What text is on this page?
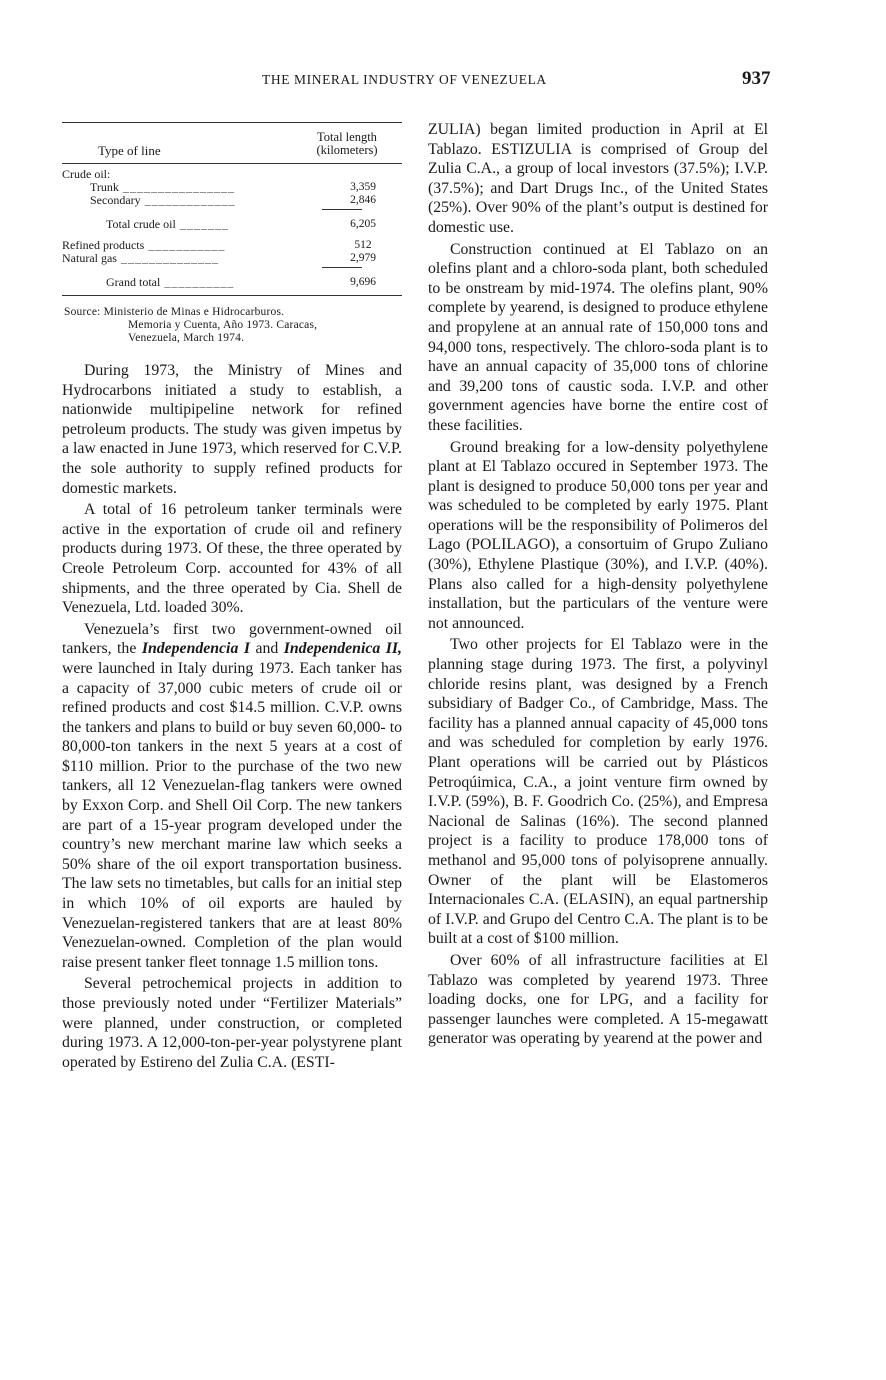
THE MINERAL INDUSTRY OF VENEZUELA	937
Type of line
Total length
(kilometers)
Crude oil:
Trunk ________________	3,359
Secondary _____________	2,846
Total crude oil _______	6,205
Refined products ___________	512
Natural gas ______________	2,979
Grand total __________	9,696
Source: Ministerio de Minas e Hidrocarburos.
Memoria y Cuenta, Año 1973. Caracas,
Venezuela, March 1974.

During 1973, the Ministry of Mines and Hydrocarbons initiated a study to establish, a nationwide multipipeline network for refined petroleum products. The study was given impetus by a law enacted in June 1973, which reserved for C.V.P. the sole authority to supply refined products for domestic markets.

A total of 16 petroleum tanker terminals were active in the exportation of crude oil and refinery products during 1973. Of these, the three operated by Creole Petroleum Corp. accounted for 43% of all shipments, and the three operated by Cia. Shell de Venezuela, Ltd. loaded 30%.

Venezuela’s first two government-owned oil tankers, the Independencia I and Independenica II, were launched in Italy during 1973. Each tanker has a capacity of 37,000 cubic meters of crude oil or refined products and cost $14.5 million. C.V.P. owns the tankers and plans to build or buy seven 60,000- to 80,000-ton tankers in the next 5 years at a cost of $110 million. Prior to the purchase of the two new tankers, all 12 Venezuelan-flag tankers were owned by Exxon Corp. and Shell Oil Corp. The new tankers are part of a 15-year program developed under the country’s new merchant marine law which seeks a 50% share of the oil export transportation business. The law sets no timetables, but calls for an initial step in which 10% of oil exports are hauled by Venezuelan-registered tankers that are at least 80% Venezuelan-owned. Completion of the plan would raise present tanker fleet tonnage 1.5 million tons.

Several petrochemical projects in addition to those previously noted under “Fertilizer Materials” were planned, under construction, or completed during 1973. A 12,000-ton-per-year polystyrene plant operated by Estireno del Zulia C.A. (ESTI-

ZULIA) began limited production in April at El Tablazo. ESTIZULIA is comprised of Group del Zulia C.A., a group of local investors (37.5%); I.V.P. (37.5%); and Dart Drugs Inc., of the United States (25%). Over 90% of the plant’s output is destined for domestic use.

Construction continued at El Tablazo on an olefins plant and a chloro-soda plant, both scheduled to be onstream by mid-1974. The olefins plant, 90% complete by yearend, is designed to produce ethylene and propylene at an annual rate of 150,000 tons and 94,000 tons, respectively. The chloro-soda plant is to have an annual capacity of 35,000 tons of chlorine and 39,200 tons of caustic soda. I.V.P. and other government agencies have borne the entire cost of these facilities.

Ground breaking for a low-density polyethylene plant at El Tablazo occured in September 1973. The plant is designed to produce 50,000 tons per year and was scheduled to be completed by early 1975. Plant operations will be the responsibility of Polimeros del Lago (POLILAGO), a consortuim of Grupo Zuliano (30%), Ethylene Plastique (30%), and I.V.P. (40%). Plans also called for a high-density polyethylene installation, but the particulars of the venture were not announced.

Two other projects for El Tablazo were in the planning stage during 1973. The first, a polyvinyl chloride resins plant, was designed by a French subsidiary of Badger Co., of Cambridge, Mass. The facility has a planned annual capacity of 45,000 tons and was scheduled for completion by early 1976. Plant operations will be carried out by Plásticos Petroqúimica, C.A., a joint venture firm owned by I.V.P. (59%), B. F. Goodrich Co. (25%), and Empresa Nacional de Salinas (16%). The second planned project is a facility to produce 178,000 tons of methanol and 95,000 tons of polyisoprene annually. Owner of the plant will be Elastomeros Internacionales C.A. (ELASIN), an equal partnership of I.V.P. and Grupo del Centro C.A. The plant is to be built at a cost of $100 million.

Over 60% of all infrastructure facilities at El Tablazo was completed by yearend 1973. Three loading docks, one for LPG, and a facility for passenger launches were completed. A 15-megawatt generator was operating by yearend at the power and
